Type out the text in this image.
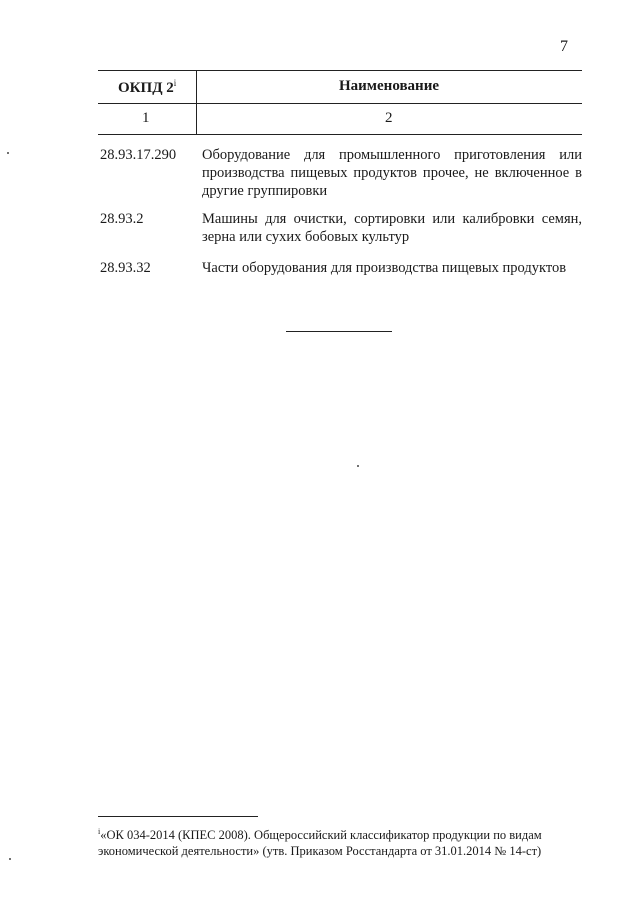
7
ОКПД 2$^i$	Наименование
1	2
28.93.17.290 Оборудование для промышленного приготовления или производства пищевых продуктов прочее, не включенное в другие группировки
28.93.2	Машины для очистки, сортировки или калибровки семян, зерна или сухих бобовых культур
28.93.32	Части оборудования для производства пищевых продуктов
$^i$«ОК 034-2014 (КПЕС 2008). Общероссийский классификатор продукции по видам экономической деятельности» (утв. Приказом Росстандарта от 31.01.2014 № 14-ст)
